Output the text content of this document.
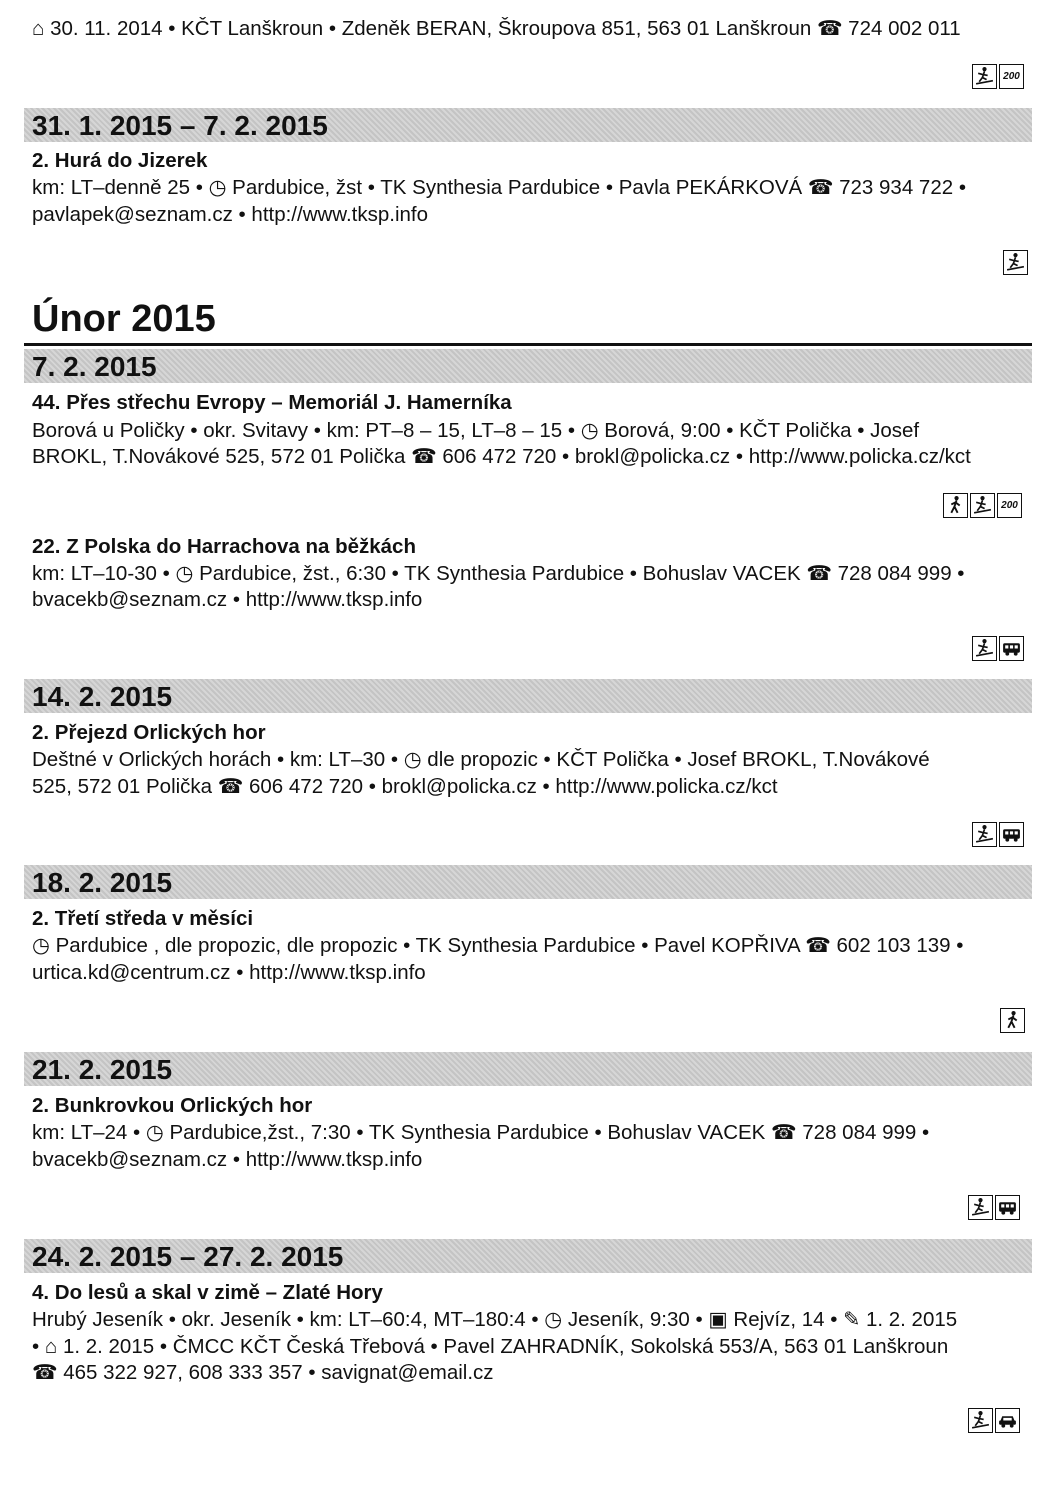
⌂ 30. 11. 2014 • KČT Lanškroun • Zdeněk BERAN, Škroupova 851, 563 01 Lanškroun ☎ 724 002 011
200
31. 1. 2015 – 7. 2. 2015
2. Hurá do Jizerek
km: LT–denně 25 • ◷ Pardubice, žst • TK Synthesia Pardubice • Pavla PEKÁRKOVÁ ☎ 723 934 722 •
pavlapek@seznam.cz • http://www.tksp.info
Únor 2015
7. 2. 2015
44. Přes střechu Evropy – Memoriál J. Hamerníka
Borová u Poličky • okr. Svitavy • km: PT–8 – 15, LT–8 – 15 • ◷ Borová, 9:00 • KČT Polička • Josef
BROKL, T.Novákové 525, 572 01 Polička ☎ 606 472 720 • brokl@policka.cz • http://www.policka.cz/kct
200
22. Z Polska do Harrachova na běžkách
km: LT–10-30 • ◷ Pardubice, žst., 6:30 • TK Synthesia Pardubice • Bohuslav VACEK ☎ 728 084 999 •
bvacekb@seznam.cz • http://www.tksp.info
14. 2. 2015
2. Přejezd Orlických hor
Deštné v Orlických horách • km: LT–30 • ◷ dle propozic • KČT Polička • Josef BROKL, T.Novákové
525, 572 01 Polička ☎ 606 472 720 • brokl@policka.cz • http://www.policka.cz/kct
18. 2. 2015
2. Třetí středa v měsíci
◷ Pardubice , dle propozic, dle propozic • TK Synthesia Pardubice • Pavel KOPŘIVA ☎ 602 103 139 •
urtica.kd@centrum.cz • http://www.tksp.info
21. 2. 2015
2. Bunkrovkou Orlických hor
km: LT–24 • ◷ Pardubice,žst., 7:30 • TK Synthesia Pardubice • Bohuslav VACEK ☎ 728 084 999 •
bvacekb@seznam.cz • http://www.tksp.info
24. 2. 2015 – 27. 2. 2015
4. Do lesů a skal v zimě – Zlaté Hory
Hrubý Jeseník • okr. Jeseník • km: LT–60:4, MT–180:4 • ◷ Jeseník, 9:30 • ▣ Rejvíz, 14 • ✎ 1. 2. 2015
• ⌂ 1. 2. 2015 • ČMCC KČT Česká Třebová • Pavel ZAHRADNÍK, Sokolská 553/A, 563 01 Lanškroun
☎ 465 322 927, 608 333 357 • savignat@email.cz
